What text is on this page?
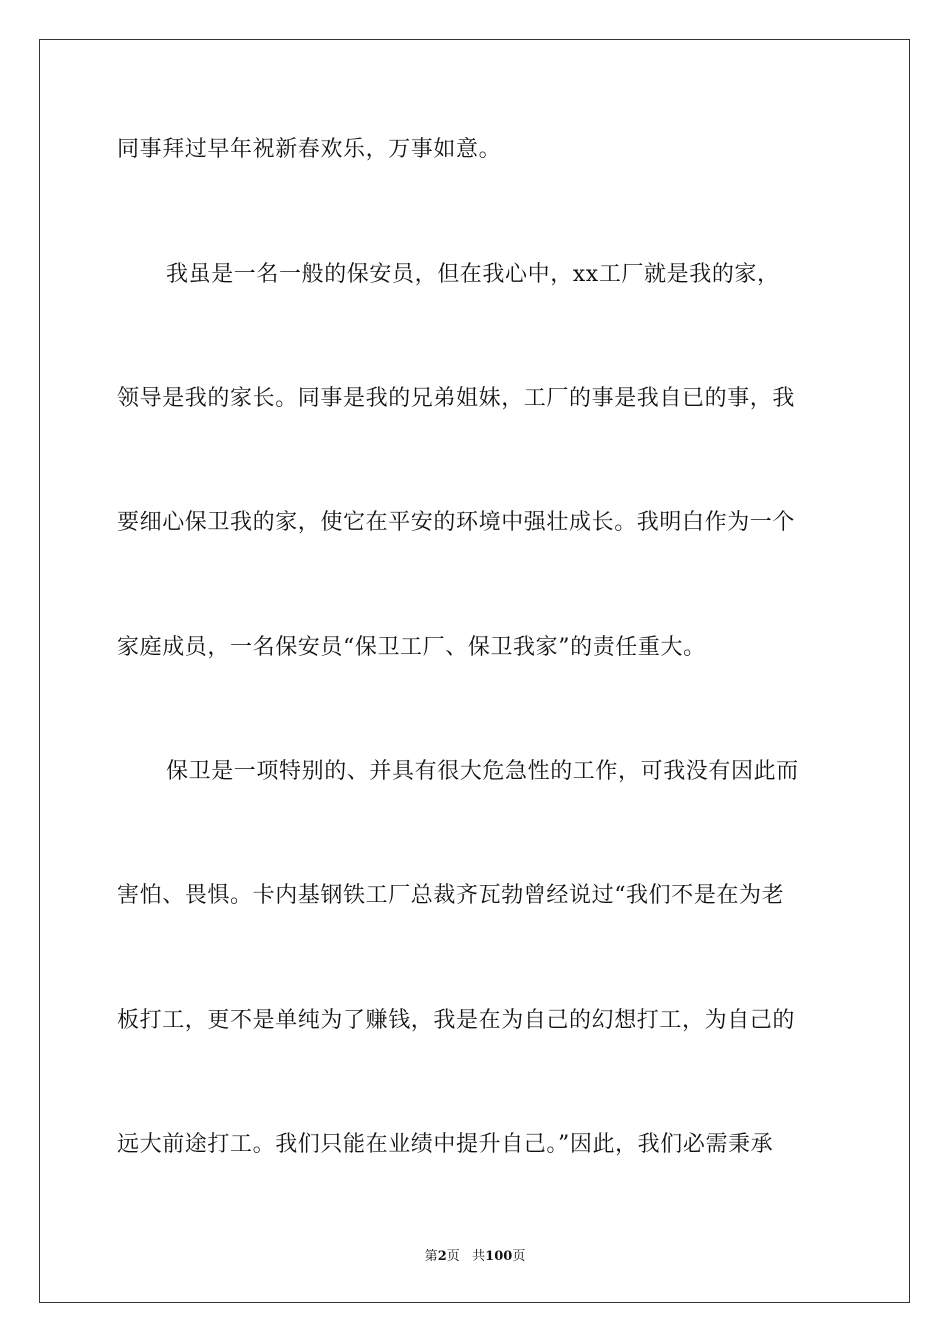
同事拜过早年祝新春欢乐，万事如意。
我虽是一名一般的保安员，但在我心中，xx工厂就是我的家，
领导是我的家长。同事是我的兄弟姐妹，工厂的事是我自已的事，我
要细心保卫我的家，使它在平安的环境中强壮成长。我明白作为一个
家庭成员，一名保安员“保卫工厂、保卫我家”的责任重大。
保卫是一项特别的、并具有很大危急性的工作，可我没有因此而
害怕、畏惧。卡内基钢铁工厂总裁齐瓦勃曾经说过“我们不是在为老
板打工，更不是单纯为了赚钱，我是在为自己的幻想打工，为自己的
远大前途打工。我们只能在业绩中提升自己。”因此，我们必需秉承
第2页 共100页
